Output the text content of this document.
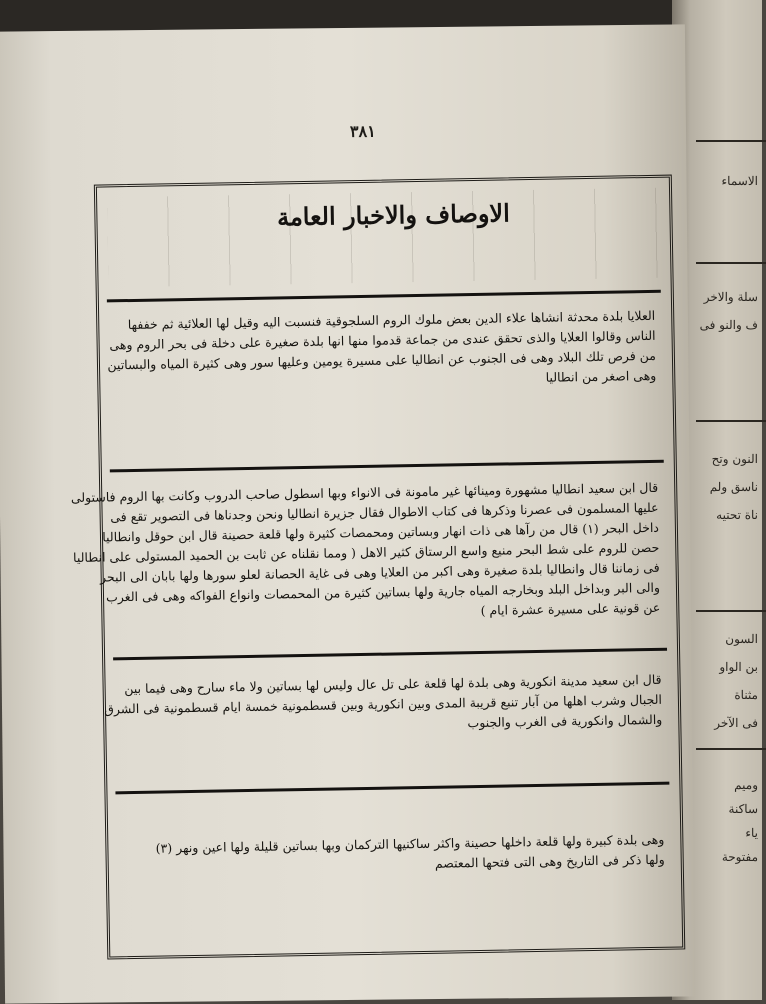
الاسماء
سلة والاخر
ف والنو فى
النون وتح
ناسق ولم
ناة تحتيه
السون
بن الواو
مثناة
فى الآخر
وميم
ساكنة
ياء
مفتوحة
٣٨١
الاوصاف والاخبار العامة

العلايا بلدة محدثة انشاها علاء الدين بعض ملوك الروم السلجوقية فنسبت اليه وقيل لها العلائية ثم خففها
الناس وقالوا العلايا والذى تحقق عندى من جماعة قدموا منها انها بلدة صغيرة على دخلة فى بحر الروم وهى
من فرص تلك البلاد وهى فى الجنوب عن انطاليا على مسيرة يومين وعليها سور وهى كثيرة المياه والبساتين
وهى اصغر من انطاليا

قال ابن سعيد انطاليا مشهورة ومينائها غير مامونة فى الانواء وبها اسطول صاحب الدروب وكانت بها الروم فاستولى
عليها المسلمون فى عصرنا وذكرها فى كتاب الاطوال فقال جزيرة انطاليا ونحن وجدناها فى التصوير تقع فى
داخل البحر (١) قال من رآها هى ذات انهار وبساتين ومحمصات كثيرة ولها قلعة حصينة قال ابن حوقل وانطاليا
حصن للروم على شط البحر منيع واسع الرستاق كثير الاهل ( ومما نقلناه عن ثابت بن الحميد المستولى على انطاليا
فى زماننا قال وانطاليا بلدة صغيرة وهى اكبر من العلايا وهى فى غاية الحصانة لعلو سورها ولها بابان الى البحر
والى البر وبداخل البلد وبخارجه المياه جارية ولها بساتين كثيرة من المحمصات وانواع الفواكه وهى فى الغرب
عن قونية على مسيرة عشرة ايام )

قال ابن سعيد مدينة انكورية وهى بلدة لها قلعة على تل عال وليس لها بساتين ولا ماء سارح وهى فيما بين
الجبال وشرب اهلها من آبار تنبع قريبة المدى وبين انكورية وبين قسطمونية خمسة ايام قسطمونية فى الشرق
والشمال وانكورية فى الغرب والجنوب

وهى بلدة كبيرة ولها قلعة داخلها حصينة واكثر ساكنيها التركمان وبها بساتين قليلة ولها اعين ونهر (٣)
ولها ذكر فى التاريخ وهى التى فتحها المعتصم
